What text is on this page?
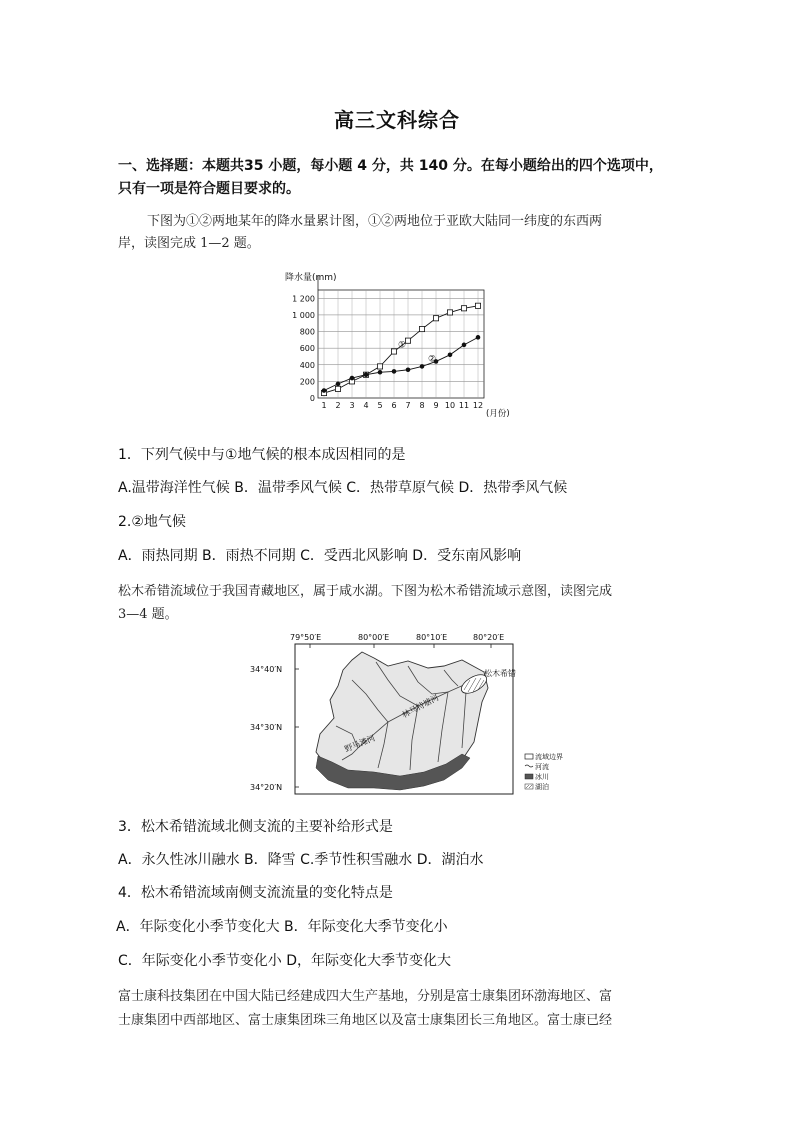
高三文科综合
一、选择题：本题共35 小题，每小题 4 分，共 140 分。在每小题给出的四个选项中，
只有一项是符合题目要求的。
下图为①②两地某年的降水量累计图，①②两地位于亚欧大陆同一纬度的东西两
岸，读图完成 1—2 题。
降水量(mm)
0
200
400
600
800
1 000
1 200
1 2 3 4 5 6 7 8 9 10 11 12
①
②
(月份)
1．下列气候中与①地气候的根本成因相同的是
A.温带海洋性气候 B．温带季风气候 C．热带草原气候 D．热带季风气候
2.②地气候
A．雨热同期 B．雨热不同期 C．受西北风影响 D．受东南风影响
松木希错流域位于我国青藏地区，属于咸水湖。下图为松木希错流域示意图，读图完成
3—4 题。
79°50′E	80°00′E	80°10′E	80°20′E
34°40′N
34°30′N
34°20′N
松木希错
野马滩河
林马特塘河
流域边界
河流
冰川
湖泊
3．松木希错流域北侧支流的主要补给形式是
A．永久性冰川融水 B．降雪 C.季节性积雪融水 D．湖泊水
4．松木希错流域南侧支流流量的变化特点是
A．年际变化小季节变化大 B．年际变化大季节变化小
C．年际变化小季节变化小 D，年际变化大季节变化大
富士康科技集团在中国大陆已经建成四大生产基地，分别是富士康集团环渤海地区、富
士康集团中西部地区、富士康集团珠三角地区以及富士康集团长三角地区。富士康已经
